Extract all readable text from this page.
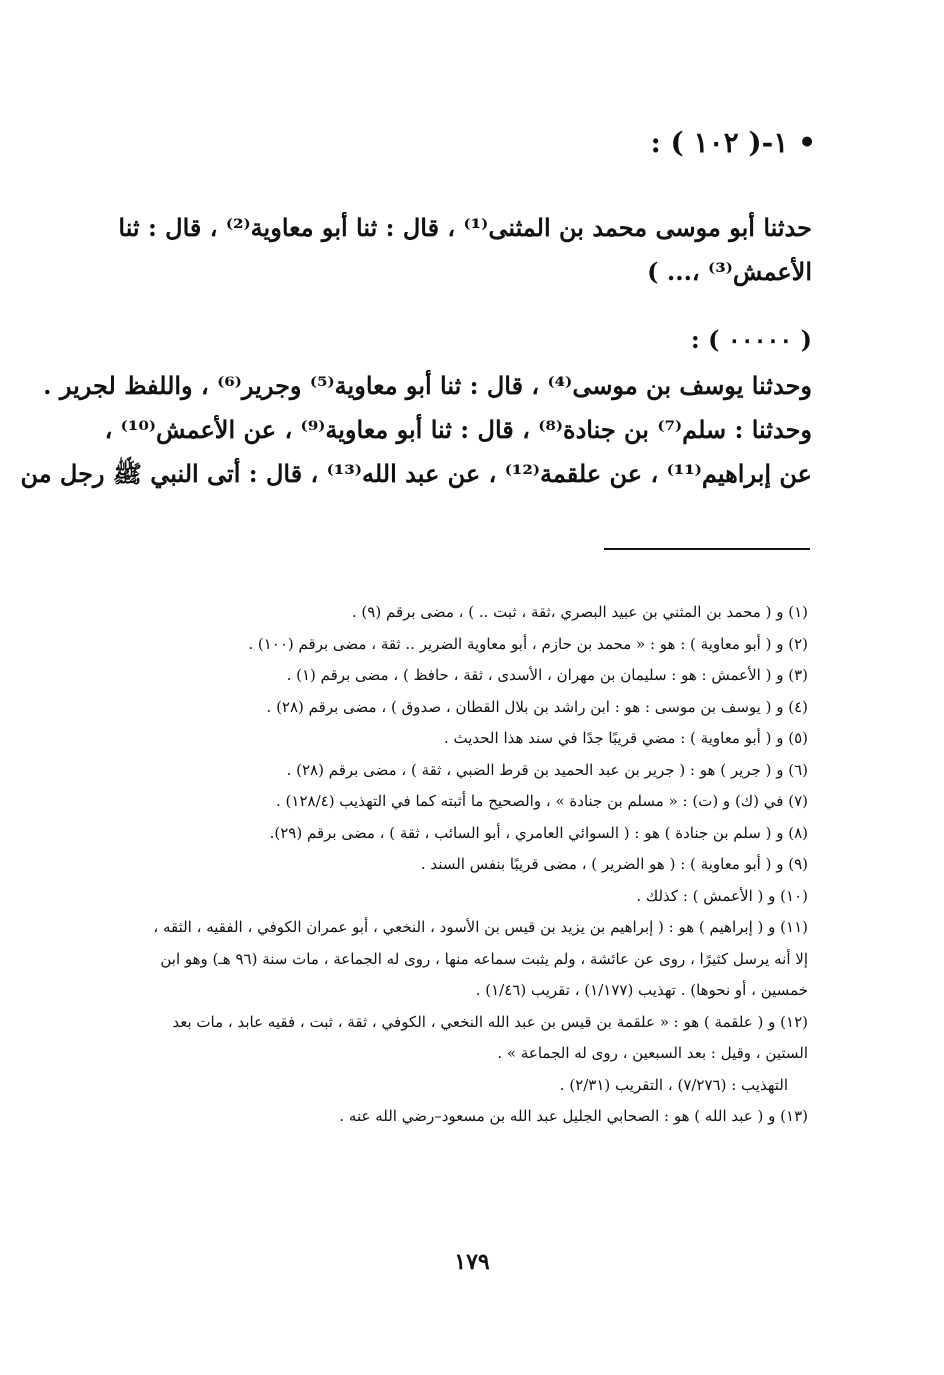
• ١-( ١٠٢ ) :
حدثنا أبو موسى محمد بن المثنى⁽¹⁾ ، قال : ثنا أبو معاوية⁽²⁾ ، قال : ثنا
الأعمش⁽³⁾ ،... )
( ٠٠٠٠٠ ) :
وحدثنا يوسف بن موسى⁽⁴⁾ ، قال : ثنا أبو معاوية⁽⁵⁾ وجرير⁽⁶⁾ ، واللفظ لجرير .
وحدثنا : سلم⁽⁷⁾ بن جنادة⁽⁸⁾ ، قال : ثنا أبو معاوية⁽⁹⁾ ، عن الأعمش⁽¹⁰⁾ ،
عن إبراهيم⁽¹¹⁾ ، عن علقمة⁽¹²⁾ ، عن عبد الله⁽¹³⁾ ، قال : أتى النبي ﷺ رجل من
(١) و ( محمد بن المثني بن عبيد البصري ،ثقة ، ثبت .. ) ، مضى برقم (٩) .
(٢) و ( أبو معاوية ) : هو : « محمد بن حازم ، أبو معاوية الضرير .. ثقة ، مضى برقم (١٠٠) .
(٣) و ( الأعمش : هو : سليمان بن مهران ، الأسدى ، ثقة ، حافظ ) ، مضى برقم (١) .
(٤) و ( يوسف بن موسى : هو : ابن راشد بن بلال القطان ، صدوق ) ، مضى برقم (٢٨) .
(٥) و ( أبو معاوية ) : مضي قريبًا جدًا في سند هذا الحديث .
(٦) و ( جرير ) هو : ( جرير بن عبد الحميد بن قرط الضبي ، ثقة ) ، مضى برقم (٢٨) .
(٧) في (ك) و (ت) : « مسلم بن جنادة » ، والصحيح ما أثبته كما في التهذيب (١٢٨/٤) .
(٨) و ( سلم بن جنادة ) هو : ( السوائي العامري ، أبو السائب ، ثقة ) ، مضى برقم (٢٩).
(٩) و ( أبو معاوية ) : ( هو الضرير ) ، مضى قريبًا بنفس السند .
(١٠) و ( الأعمش ) : كذلك .
(١١) و ( إبراهيم ) هو : ( إبراهيم بن يزيد بن قيس بن الأسود ، النخعي ، أبو عمران الكوفي ، الفقيه ، الثقه ،
إلا أنه يرسل كثيرًا ، روى عن عائشة ، ولم يثبت سماعه منها ، روى له الجماعة ، مات سنة (٩٦ هـ) وهو ابن
خمسين ، أو نحوها) . تهذيب (١/١٧٧) ، تقريب (١/٤٦) .
(١٢) و ( علقمة ) هو : « علقمة بن قيس بن عبد الله النخعي ، الكوفي ، ثقة ، ثبت ، فقيه عابد ، مات بعد
الستين ، وقيل : بعد السبعين ، روى له الجماعة » .
التهذيب : (٧/٢٧٦) ، التقريب (٢/٣١) .
(١٣) و ( عبد الله ) هو : الصحابي الجليل عبد الله بن مسعود–رضي الله عنه .
١٧٩
